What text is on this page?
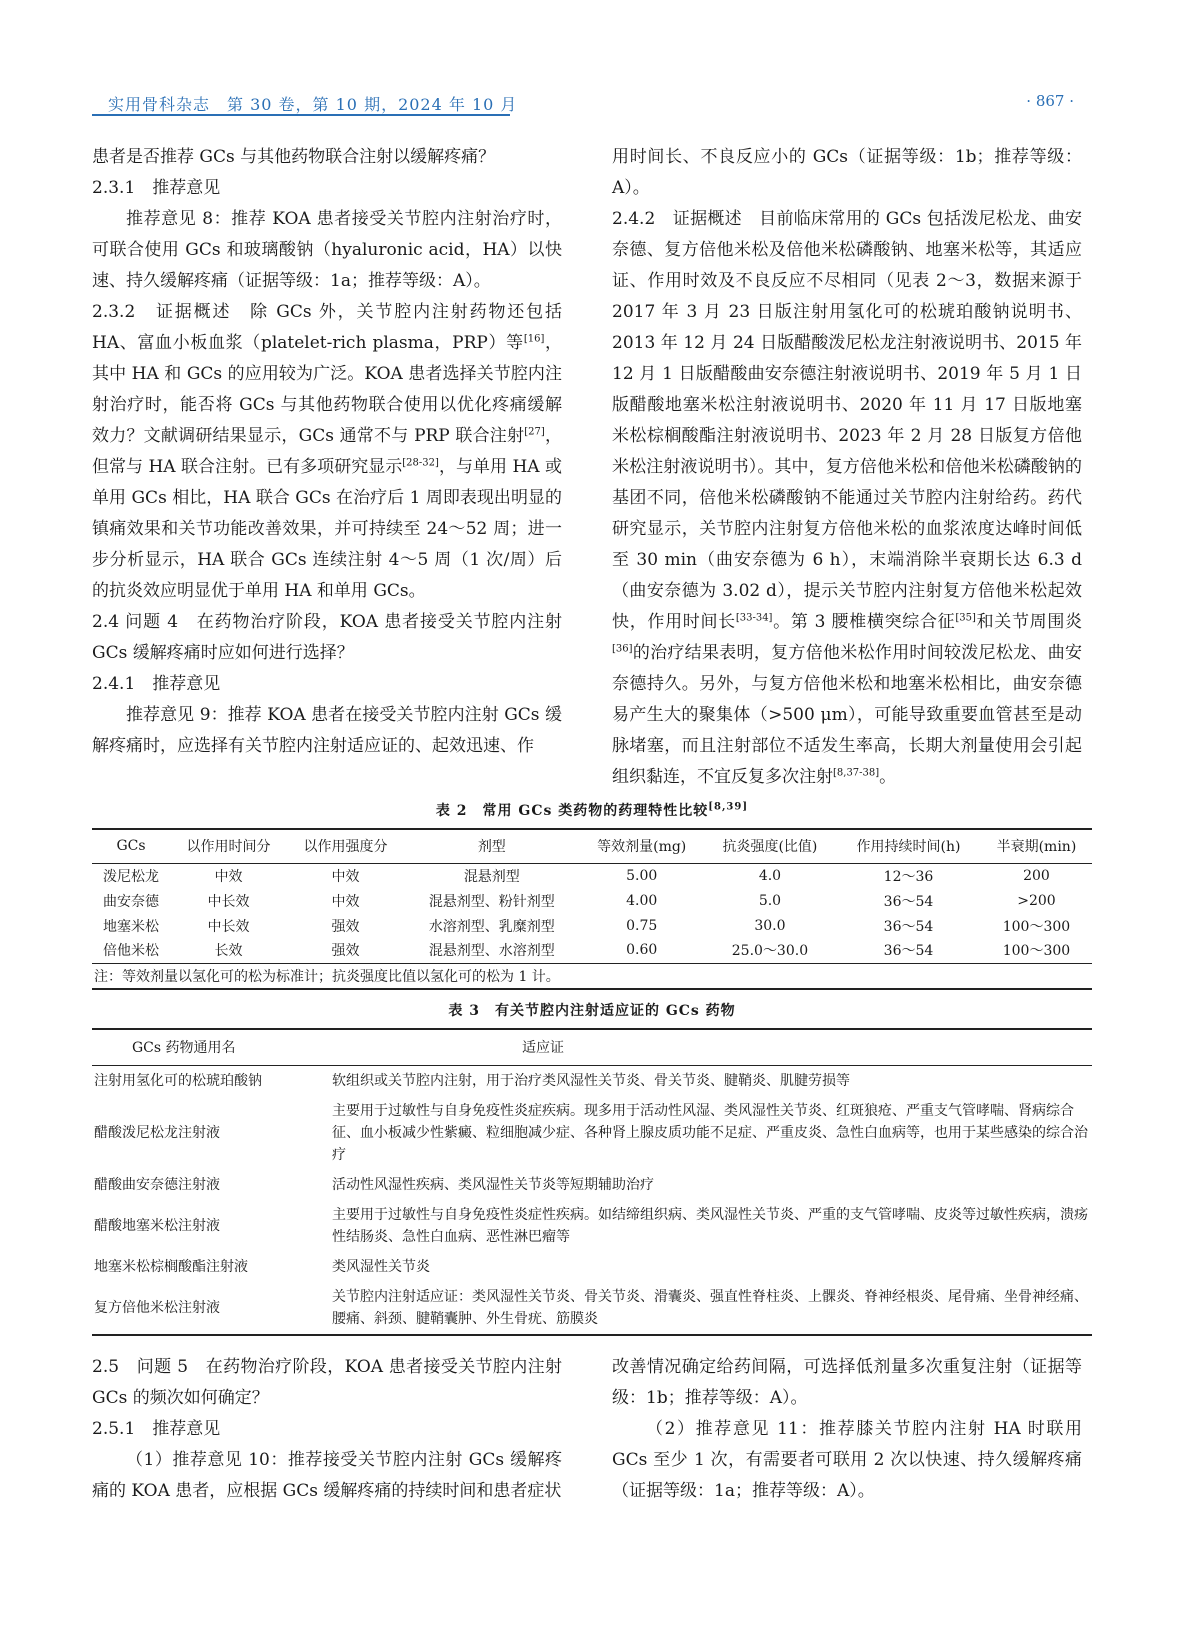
实用骨科杂志　第 30 卷，第 10 期，2024 年 10 月	· 867 ·

患者是否推荐 GCs 与其他药物联合注射以缓解疼痛？

2.3.1　推荐意见

推荐意见 8：推荐 KOA 患者接受关节腔内注射治疗时，可联合使用 GCs 和玻璃酸钠（hyaluronic acid，HA）以快速、持久缓解疼痛（证据等级：1a；推荐等级：A）。

2.3.2　证据概述　除 GCs 外，关节腔内注射药物还包括 HA、富血小板血浆（platelet-rich plasma，PRP）等[16]，其中 HA 和 GCs 的应用较为广泛。KOA 患者选择关节腔内注射治疗时，能否将 GCs 与其他药物联合使用以优化疼痛缓解效力？文献调研结果显示，GCs 通常不与 PRP 联合注射[27]，但常与 HA 联合注射。已有多项研究显示[28-32]，与单用 HA 或单用 GCs 相比，HA 联合 GCs 在治疗后 1 周即表现出明显的镇痛效果和关节功能改善效果，并可持续至 24～52 周；进一步分析显示，HA 联合 GCs 连续注射 4～5 周（1 次/周）后的抗炎效应明显优于单用 HA 和单用 GCs。

2.4 问题 4　在药物治疗阶段，KOA 患者接受关节腔内注射 GCs 缓解疼痛时应如何进行选择？

2.4.1　推荐意见

推荐意见 9：推荐 KOA 患者在接受关节腔内注射 GCs 缓解疼痛时，应选择有关节腔内注射适应证的、起效迅速、作

用时间长、不良反应小的 GCs（证据等级：1b；推荐等级：A）。

2.4.2　证据概述　目前临床常用的 GCs 包括泼尼松龙、曲安奈德、复方倍他米松及倍他米松磷酸钠、地塞米松等，其适应证、作用时效及不良反应不尽相同（见表 2～3，数据来源于 2017 年 3 月 23 日版注射用氢化可的松琥珀酸钠说明书、2013 年 12 月 24 日版醋酸泼尼松龙注射液说明书、2015 年 12 月 1 日版醋酸曲安奈德注射液说明书、2019 年 5 月 1 日版醋酸地塞米松注射液说明书、2020 年 11 月 17 日版地塞米松棕榈酸酯注射液说明书、2023 年 2 月 28 日版复方倍他米松注射液说明书）。其中，复方倍他米松和倍他米松磷酸钠的基团不同，倍他米松磷酸钠不能通过关节腔内注射给药。药代研究显示，关节腔内注射复方倍他米松的血浆浓度达峰时间低至 30 min（曲安奈德为 6 h），末端消除半衰期长达 6.3 d（曲安奈德为 3.02 d），提示关节腔内注射复方倍他米松起效快，作用时间长[33-34]。第 3 腰椎横突综合征[35]和关节周围炎[36]的治疗结果表明，复方倍他米松作用时间较泼尼松龙、曲安奈德持久。另外，与复方倍他米松和地塞米松相比，曲安奈德易产生大的聚集体（>500 μm），可能导致重要血管甚至是动脉堵塞，而且注射部位不适发生率高，长期大剂量使用会引起组织黏连，不宜反复多次注射[8,37-38]。

表 2　常用 GCs 类药物的药理特性比较[8,39]
GCs	以作用时间分	以作用强度分	剂型	等效剂量(mg)	抗炎强度(比值)	作用持续时间(h)	半衰期(min)
泼尼松龙	中效	中效	混悬剂型	5.00	4.0	12～36	200
曲安奈德	中长效	中效	混悬剂型、粉针剂型	4.00	5.0	36～54	>200
地塞米松	中长效	强效	水溶剂型、乳糜剂型	0.75	30.0	36～54	100～300
倍他米松	长效	强效	混悬剂型、水溶剂型	0.60	25.0～30.0	36～54	100～300
注：等效剂量以氢化可的松为标准计；抗炎强度比值以氢化可的松为 1 计。							
表 3　有关节腔内注射适应证的 GCs 药物
GCs 药物通用名	适应证
注射用氢化可的松琥珀酸钠	软组织或关节腔内注射，用于治疗类风湿性关节炎、骨关节炎、腱鞘炎、肌腱劳损等
醋酸泼尼松龙注射液	主要用于过敏性与自身免疫性炎症疾病。现多用于活动性风湿、类风湿性关节炎、红斑狼疮、严重支气管哮喘、肾病综合征、血小板减少性紫癜、粒细胞减少症、各种肾上腺皮质功能不足症、严重皮炎、急性白血病等，也用于某些感染的综合治疗
醋酸曲安奈德注射液	活动性风湿性疾病、类风湿性关节炎等短期辅助治疗
醋酸地塞米松注射液	主要用于过敏性与自身免疫性炎症性疾病。如结缔组织病、类风湿性关节炎、严重的支气管哮喘、皮炎等过敏性疾病，溃疡性结肠炎、急性白血病、恶性淋巴瘤等
地塞米松棕榈酸酯注射液	类风湿性关节炎
复方倍他米松注射液	关节腔内注射适应证：类风湿性关节炎、骨关节炎、滑囊炎、强直性脊柱炎、上髁炎、脊神经根炎、尾骨痛、坐骨神经痛、腰痛、斜颈、腱鞘囊肿、外生骨疣、筋膜炎

2.5　问题 5　在药物治疗阶段，KOA 患者接受关节腔内注射 GCs 的频次如何确定？

2.5.1　推荐意见

（1）推荐意见 10：推荐接受关节腔内注射 GCs 缓解疼痛的 KOA 患者，应根据 GCs 缓解疼痛的持续时间和患者症状

改善情况确定给药间隔，可选择低剂量多次重复注射（证据等级：1b；推荐等级：A）。

（2）推荐意见 11：推荐膝关节腔内注射 HA 时联用 GCs 至少 1 次，有需要者可联用 2 次以快速、持久缓解疼痛（证据等级：1a；推荐等级：A）。
